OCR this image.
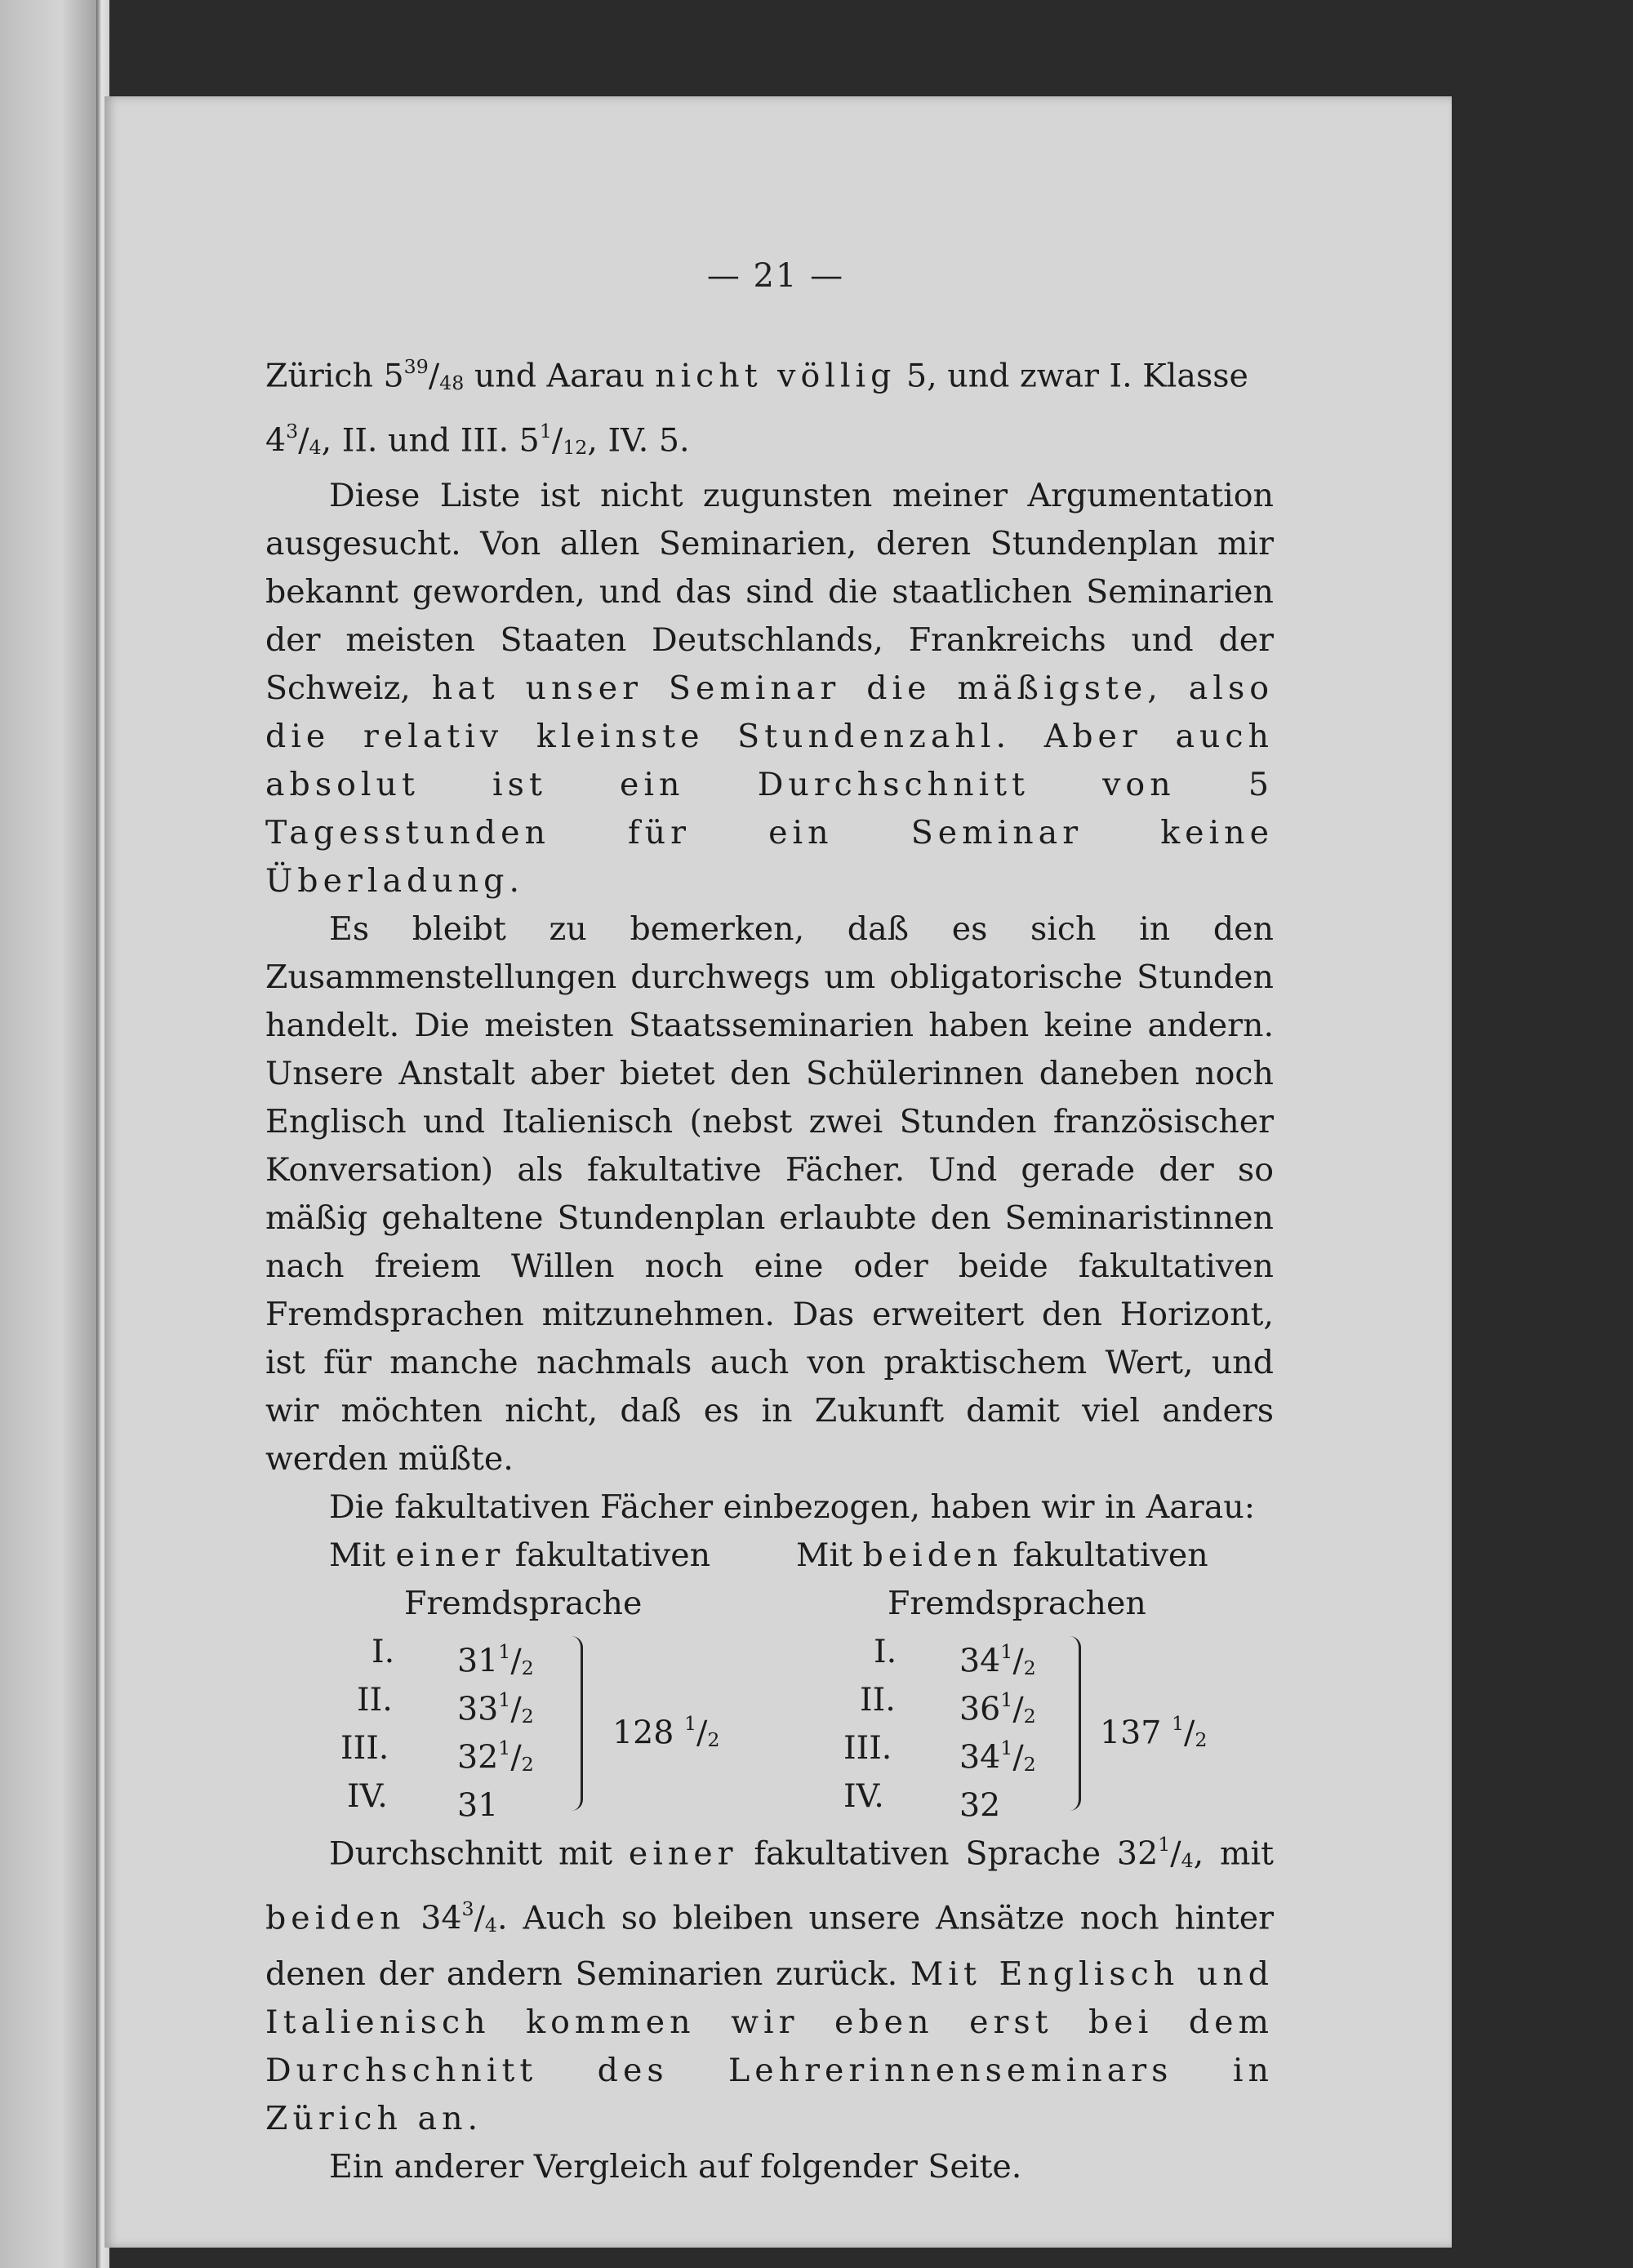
— 21 —

Zürich $5^{39}/_{48}$ und Aarau nicht völlig 5, und zwar I. Klasse
$4^3/_4$, II. und III. $5^1/_{12}$, IV. 5.

Diese Liste ist nicht zugunsten meiner Argumentation ausgesucht. Von allen Seminarien, deren Stundenplan mir bekannt geworden, und das sind die staatlichen Seminarien der meisten Staaten Deutschlands, Frankreichs und der Schweiz, hat unser Seminar die mäßigste, also die relativ kleinste Stundenzahl. Aber auch absolut ist ein Durchschnitt von 5 Tagesstunden für ein Seminar keine Überladung.

Es bleibt zu bemerken, daß es sich in den Zusammenstellungen durchwegs um obligatorische Stunden handelt. Die meisten Staatsseminarien haben keine andern. Unsere Anstalt aber bietet den Schülerinnen daneben noch Englisch und Italienisch (nebst zwei Stunden französischer Konversation) als fakultative Fächer. Und gerade der so mäßig gehaltene Stundenplan erlaubte den Seminaristinnen nach freiem Willen noch eine oder beide fakultativen Fremdsprachen mitzunehmen. Das erweitert den Horizont, ist für manche nachmals auch von praktischem Wert, und wir möchten nicht, daß es in Zukunft damit viel anders werden müßte.

Die fakultativen Fächer einbezogen, haben wir in Aarau:

Mit einer fakultativen
Fremdsprache
Mit beiden fakultativen
Fremdsprachen
I. $31^1/_2$
II. $33^1/_2$
III. $32^1/_2$
IV. 31
128 $^1/_2$
I. $34^1/_2$
II. $36^1/_2$
III. $34^1/_2$
IV. 32
137 $^1/_2$

Durchschnitt mit einer fakultativen Sprache $32^1/_4$, mit beiden $34^3/_4$. Auch so bleiben unsere Ansätze noch hinter denen der andern Seminarien zurück. Mit Englisch und Italienisch kommen wir eben erst bei dem Durchschnitt des Lehrerinnenseminars in Zürich an.

Ein anderer Vergleich auf folgender Seite.
